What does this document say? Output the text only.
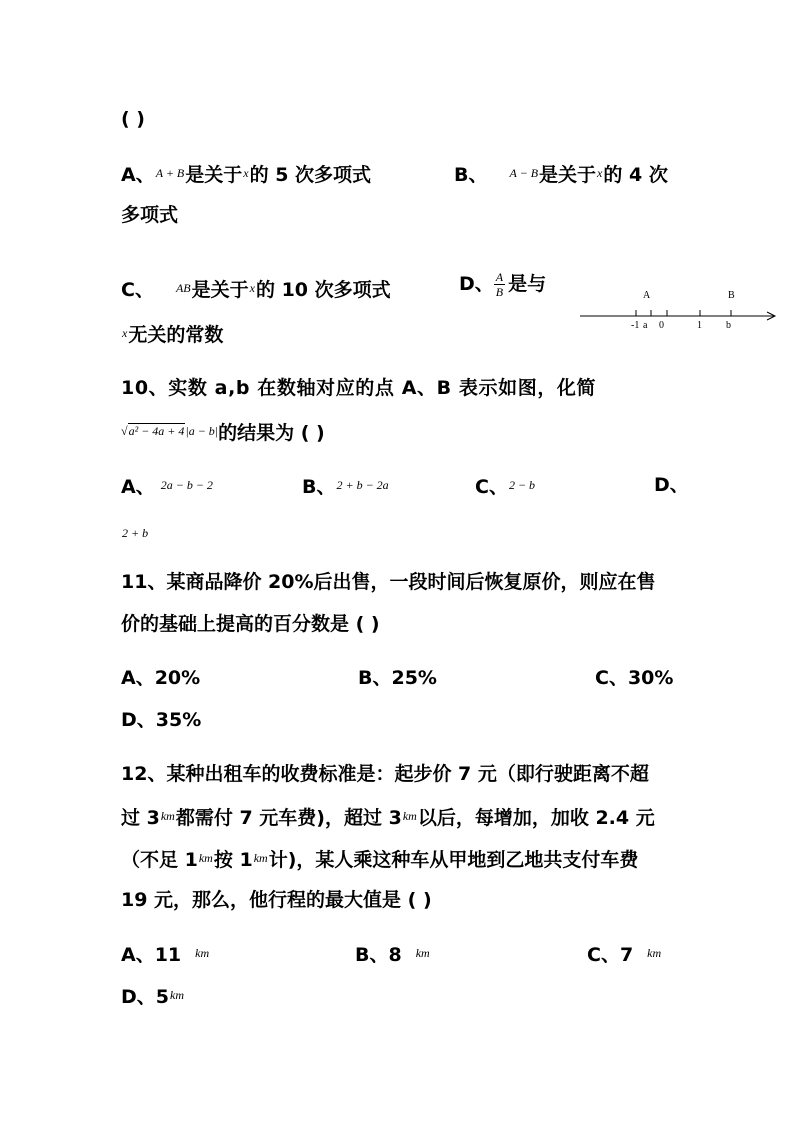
( )
A、$^{A + B}$是关于$^x$的 5 次多项式	B、 $^{A - B}$是关于$^x$的 4 次
多项式
C、 $^{AB}$是关于$^x$的 10 次多项式	D、 $\frac{A}{B}$ 是与
$^x$无关的常数
A	B
-1 a 0	1 b
10、实数 a,b 在数轴对应的点 A、B 表示如图，化简
$^{√a^2 - 4a + 4|a - b|}$的结果为 ( )
A、 $^{2a - b - 2}$	B、$^{2 + b - 2a}$	C、$^{2 - b}$	D、
$^{2 + b}$
11、某商品降价 20%后出售，一段时间后恢复原价，则应在售
价的基础上提高的百分数是 ( )
A、20%	B、25%	C、30%
D、35%
12、某种出租车的收费标准是：起步价 7 元（即行驶距离不超
过 $3^{km}$都需付 7 元车费)，超过 $3^{km}$以后，每增加，加收 2.4 元
（不足 $1^{km}$按 $1^{km}$计)，某人乘这种车从甲地到乙地共支付车费
19 元，那么，他行程的最大值是 ( )
A、11 $^{km}$	B、8 $^{km}$	C、7 $^{km}$
D、$5^{km}$
